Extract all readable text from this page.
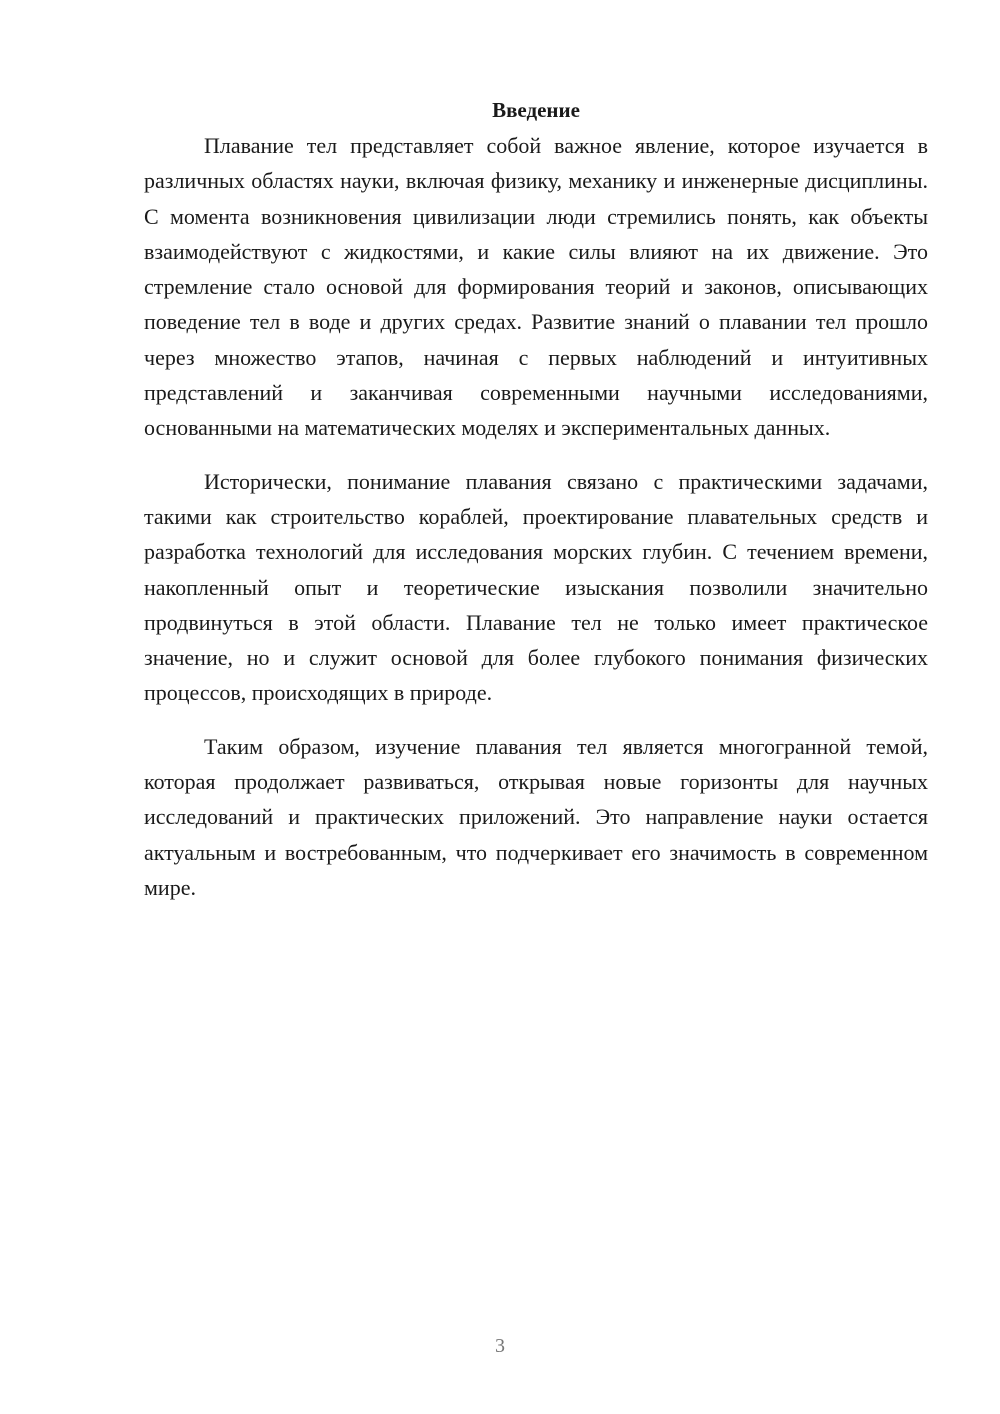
Введение

Плавание тел представляет собой важное явление, которое изучается в различных областях науки, включая физику, механику и инженерные дисциплины. С момента возникновения цивилизации люди стремились понять, как объекты взаимодействуют с жидкостями, и какие силы влияют на их движение. Это стремление стало основой для формирования теорий и законов, описывающих поведение тел в воде и других средах. Развитие знаний о плавании тел прошло через множество этапов, начиная с первых наблюдений и интуитивных представлений и заканчивая современными научными исследованиями, основанными на математических моделях и экспериментальных данных.

Исторически, понимание плавания связано с практическими задачами, такими как строительство кораблей, проектирование плавательных средств и разработка технологий для исследования морских глубин. С течением времени, накопленный опыт и теоретические изыскания позволили значительно продвинуться в этой области. Плавание тел не только имеет практическое значение, но и служит основой для более глубокого понимания физических процессов, происходящих в природе.

Таким образом, изучение плавания тел является многогранной темой, которая продолжает развиваться, открывая новые горизонты для научных исследований и практических приложений. Это направление науки остается актуальным и востребованным, что подчеркивает его значимость в современном мире.

3
